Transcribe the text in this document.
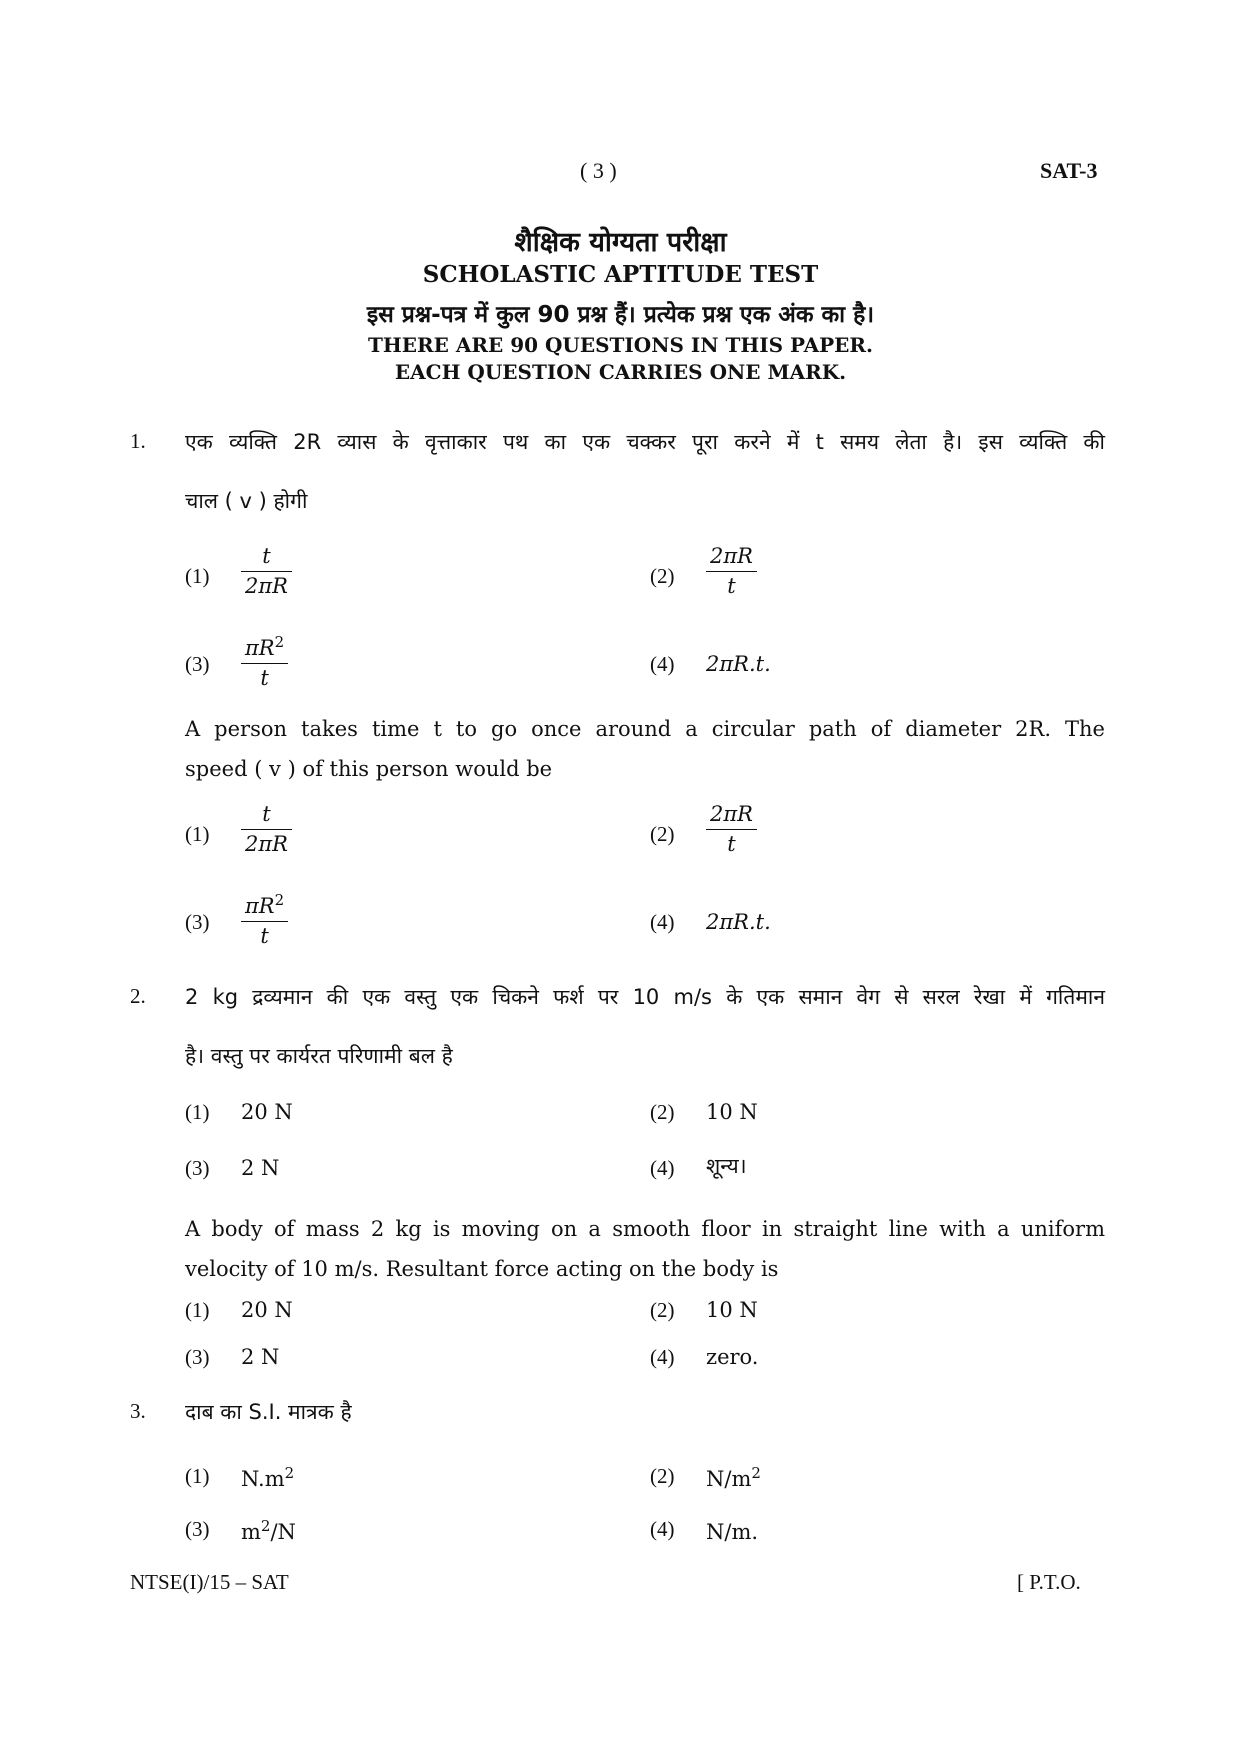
( 3 )	SAT-3
शैक्षिक योग्यता परीक्षा
SCHOLASTIC APTITUDE TEST
इस प्रश्न-पत्र में कुल 90 प्रश्न हैं। प्रत्येक प्रश्न एक अंक का है।
THERE ARE 90 QUESTIONS IN THIS PAPER.
EACH QUESTION CARRIES ONE MARK.
1. एक व्यक्ति 2R व्यास के वृत्ताकार पथ का एक चक्कर पूरा करने में t समय लेता है। इस व्यक्ति की
चाल ( v ) होगी
$(1) \frac{t}{2\pi R}$	$(2) \frac{2\pi R}{t}$
$(3) \frac{\pi R^2}{t}$	(4) 2πR.t.
A person takes time t to go once around a circular path of diameter 2R. The
speed ( v ) of this person would be
$(1) \frac{t}{2\pi R}$	$(2) \frac{2\pi R}{t}$
$(3) \frac{\pi R^2}{t}$	(4) 2πR.t.
2. 2 kg द्रव्यमान की एक वस्तु एक चिकने फर्श पर 10 m/s के एक समान वेग से सरल रेखा में गतिमान
है। वस्तु पर कार्यरत परिणामी बल है
(1) 20 N	(2) 10 N
(3) 2 N	(4) शून्य।
A body of mass 2 kg is moving on a smooth floor in straight line with a uniform
velocity of 10 m/s. Resultant force acting on the body is
(1) 20 N	(2) 10 N
(3) 2 N	(4) zero.
3. दाब का S.I. मात्रक है
(1) $N.m^2$	(2) $N/m^2$
(3) $m^2/N$	(4) N/m.
NTSE(I)/15 – SAT	[ P.T.O.
